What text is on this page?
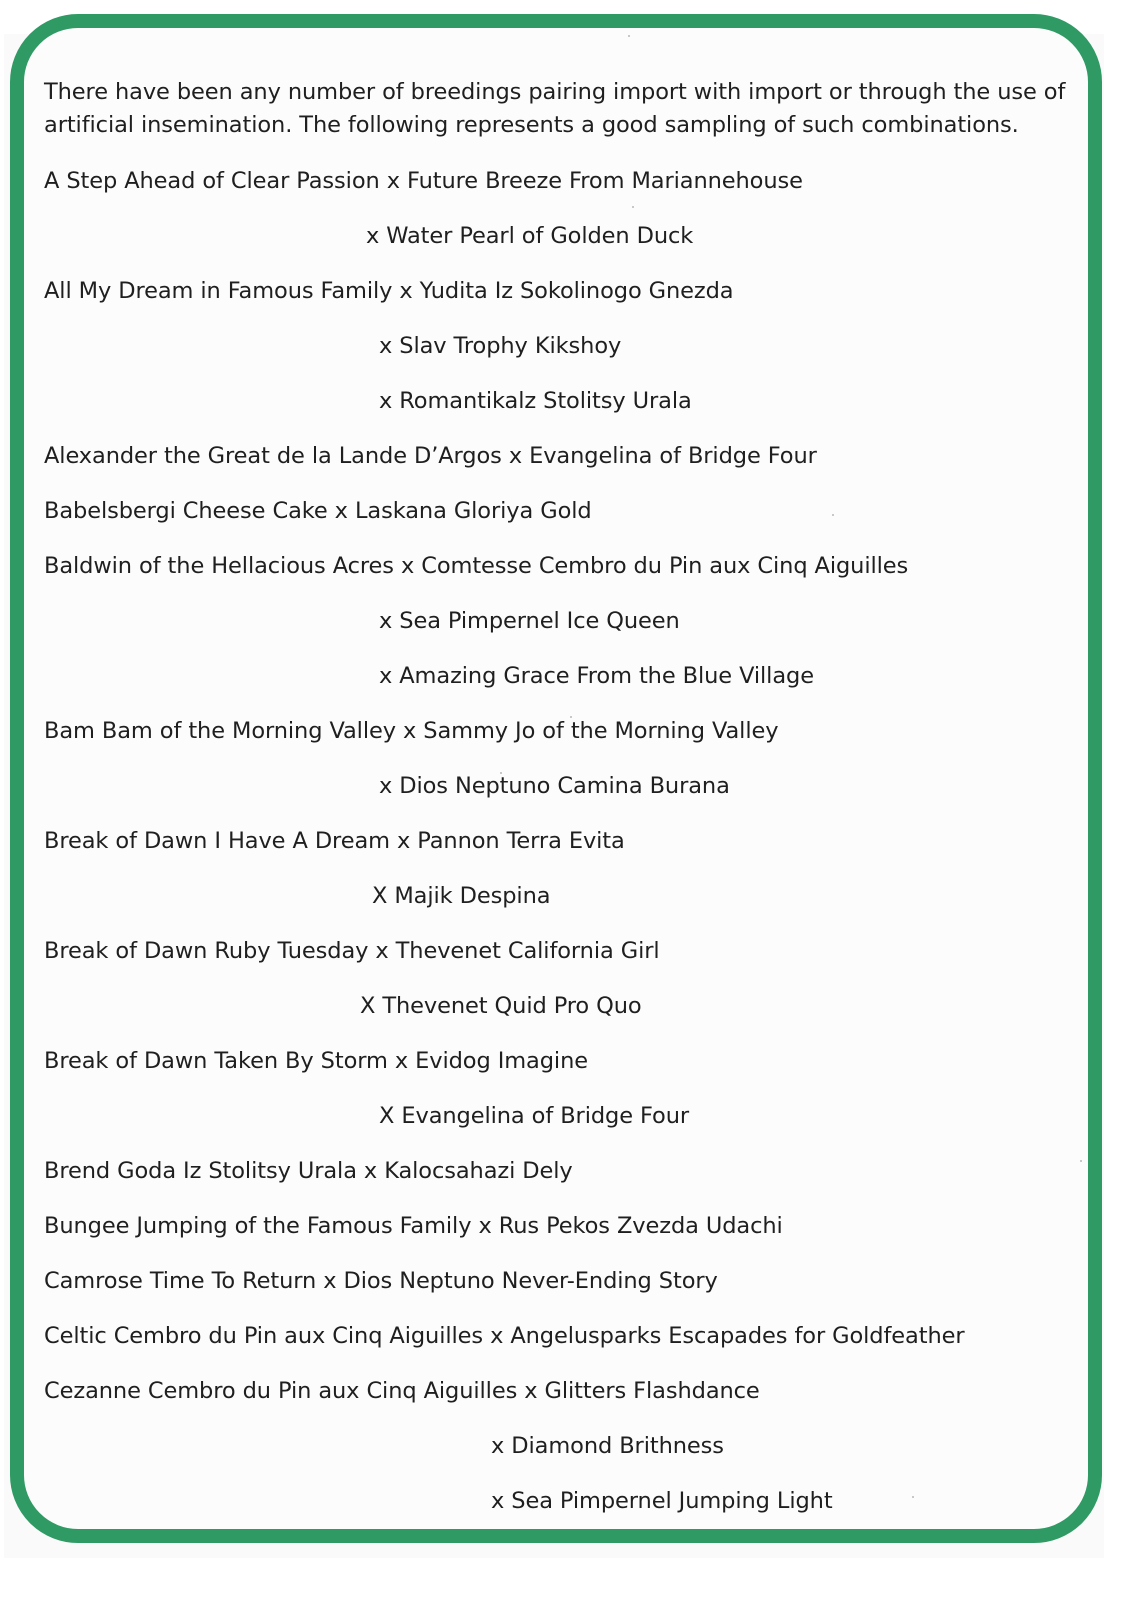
There have been any number of breedings pairing import with import or through the use of artificial insemination. The following represents a good sampling of such combinations.

A Step Ahead of Clear Passion x Future Breeze From Mariannehouse
x Water Pearl of Golden Duck
All My Dream in Famous Family x Yudita Iz Sokolinogo Gnezda
x Slav Trophy Kikshoy
x Romantikalz Stolitsy Urala
Alexander the Great de la Lande D’Argos x Evangelina of Bridge Four
Babelsbergi Cheese Cake x Laskana Gloriya Gold
Baldwin of the Hellacious Acres x Comtesse Cembro du Pin aux Cinq Aiguilles
x Sea Pimpernel Ice Queen
x Amazing Grace From the Blue Village
Bam Bam of the Morning Valley x Sammy Jo of the Morning Valley
x Dios Neptuno Camina Burana
Break of Dawn I Have A Dream x Pannon Terra Evita
X Majik Despina
Break of Dawn Ruby Tuesday x Thevenet California Girl
X Thevenet Quid Pro Quo
Break of Dawn Taken By Storm x Evidog Imagine
X Evangelina of Bridge Four
Brend Goda Iz Stolitsy Urala x Kalocsahazi Dely
Bungee Jumping of the Famous Family x Rus Pekos Zvezda Udachi
Camrose Time To Return x Dios Neptuno Never-Ending Story
Celtic Cembro du Pin aux Cinq Aiguilles x Angelusparks Escapades for Goldfeather
Cezanne Cembro du Pin aux Cinq Aiguilles x Glitters Flashdance
x Diamond Brithness
x Sea Pimpernel Jumping Light
